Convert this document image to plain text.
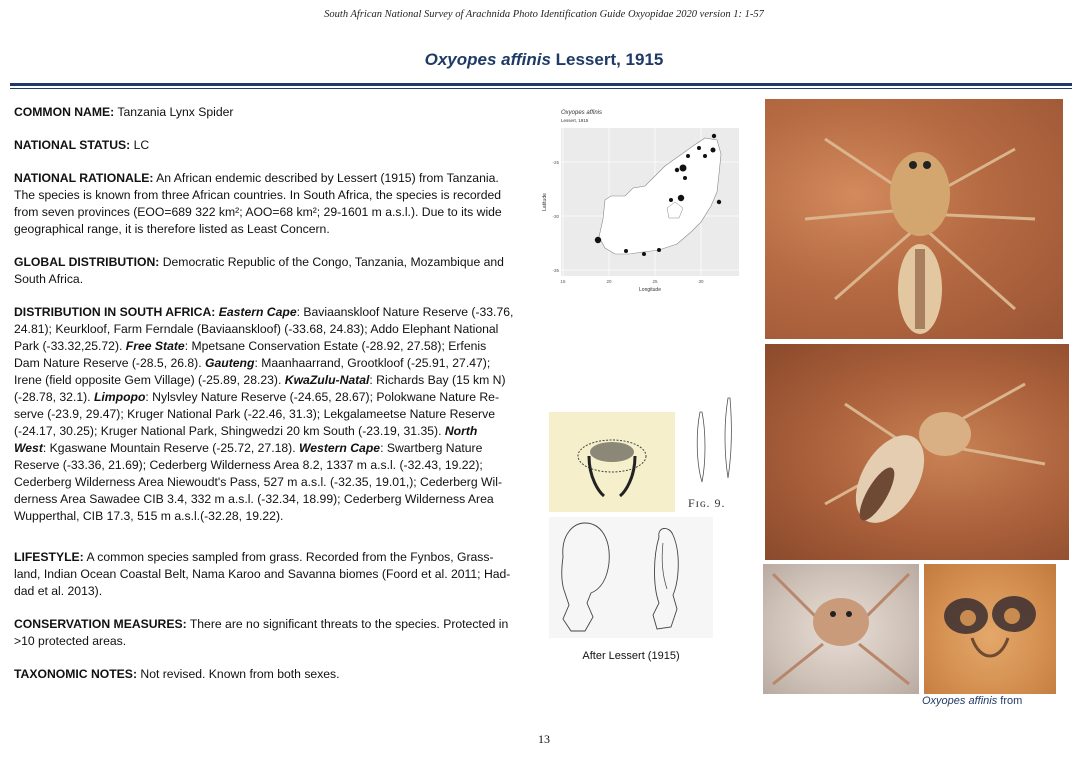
South African National Survey of Arachnida Photo Identification Guide Oxyopidae 2020 version 1: 1-57
Oxyopes affinis Lessert, 1915

COMMON NAME: Tanzania Lynx Spider

NATIONAL STATUS: LC

NATIONAL RATIONALE: An African endemic described by Lessert (1915) from Tanzania.
The species is known from three African countries. In South Africa, the species is recorded
from seven provinces (EOO=689 322 km²; AOO=68 km²; 29-1601 m a.s.l.). Due to its wide
geographical range, it is therefore listed as Least Concern.

GLOBAL DISTRIBUTION: Democratic Republic of the Congo, Tanzania, Mozambique and
South Africa.

DISTRIBUTION IN SOUTH AFRICA: Eastern Cape: Baviaanskloof Nature Reserve (-33.76,
24.81); Keurkloof, Farm Ferndale (Baviaanskloof) (-33.68, 24.83); Addo Elephant National
Park (-33.32,25.72). Free State: Mpetsane Conservation Estate (-28.92, 27.58); Erfenis
Dam Nature Reserve (-28.5, 26.8). Gauteng: Maanhaarrand, Grootkloof (-25.91, 27.47);
Irene (field opposite Gem Village) (-25.89, 28.23). KwaZulu-Natal: Richards Bay (15 km N)
(-28.78, 32.1). Limpopo: Nylsvley Nature Reserve (-24.65, 28.67); Polokwane Nature Re-
serve (-23.9, 29.47); Kruger National Park (-22.46, 31.3); Lekgalameetse Nature Reserve
(-24.17, 30.25); Kruger National Park, Shingwedzi 20 km South (-23.19, 31.35). North
West: Kgaswane Mountain Reserve (-25.72, 27.18). Western Cape: Swartberg Nature
Reserve (-33.36, 21.69); Cederberg Wilderness Area 8.2, 1337 m a.s.l. (-32.43, 19.22);
Cederberg Wilderness Area Niewoudt's Pass, 527 m a.s.l. (-32.35, 19.01,); Cederberg Wil-
derness Area Sawadee CIB 3.4, 332 m a.s.l. (-32.34, 18.99); Cederberg Wilderness Area
Wupperthal, CIB 17.3, 515 m a.s.l.(-32.28, 19.22).

LIFESTYLE: A common species sampled from grass. Recorded from the Fynbos, Grass-
land, Indian Ocean Coastal Belt, Nama Karoo and Savanna biomes (Foord et al. 2011; Had-
dad et al. 2013).

CONSERVATION MEASURES: There are no significant threats to the species. Protected in
>10 protected areas.

TAXONOMIC NOTES: Not revised. Known from both sexes.

Oxyopes affinis
Lessert, 1915
Latitude
-25
-30
-35
15	20	25	30
Longitude
Fɪɢ. 9.
After Lessert (1915)
Oxyopes affinis from
13
